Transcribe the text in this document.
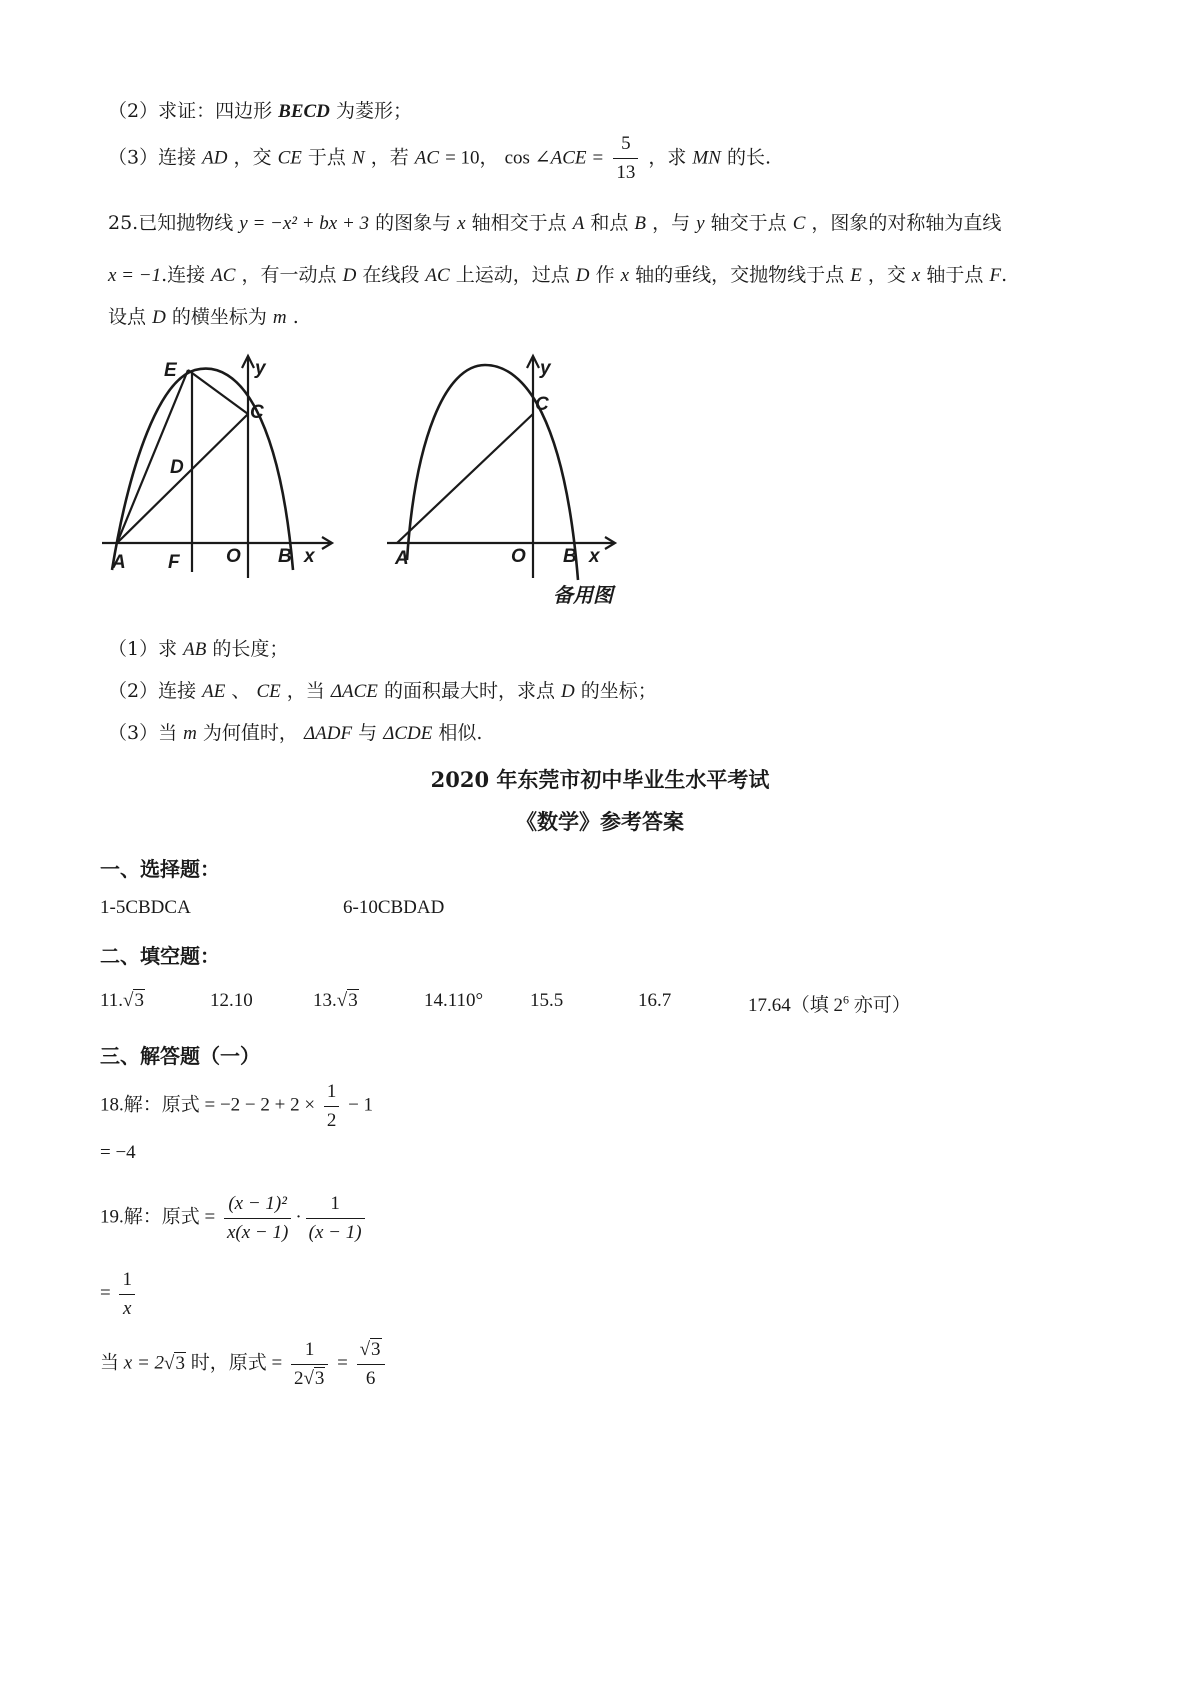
（2）求证：四边形 BECD 为菱形；
（3）连接 AD ，交 CE 于点 N ，若 AC = 10， cos ∠ACE = $\frac{5}{13}$ ，求 MN 的长.
25.已知抛物线 y = −x² + bx + 3 的图象与 x 轴相交于点 A 和点 B ，与 y 轴交于点 C ，图象的对称轴为直线
x = −1.连接 AC ，有一动点 D 在线段 AC 上运动，过点 D 作 x 轴的垂线，交抛物线于点 E ，交 x 轴于点 F.
设点 D 的横坐标为 m .
E	y
C
D
A F O B x
y
C
A	O B x
备用图
（1）求 AB 的长度；
（2）连接 AE 、 CE ，当 ΔACE 的面积最大时，求点 D 的坐标；
（3）当 m 为何值时， ΔADF 与 ΔCDE 相似.
2020 年东莞市初中毕业生水平考试
《数学》参考答案
一、选择题：
1-5CBDCA	6-10CBDAD
二、填空题：
11.√3	12.10	13.√3	14.110° 15.5	16.7	17.64（填 $2^6$ 亦可）
三、解答题（一）
18.解：原式 = $-2 - 2 + 2 \times \frac{1}{2} - 1$
= −4
19.解：原式 = $\frac{\text{(x − 1)²}}{x(x - 1)} \cdot \frac{1}{(x - 1)}$
= $\frac{1}{x}$
当 x = 2√3 时，原式 = $\frac{1}{2√3} = \frac{√3}{6}$
